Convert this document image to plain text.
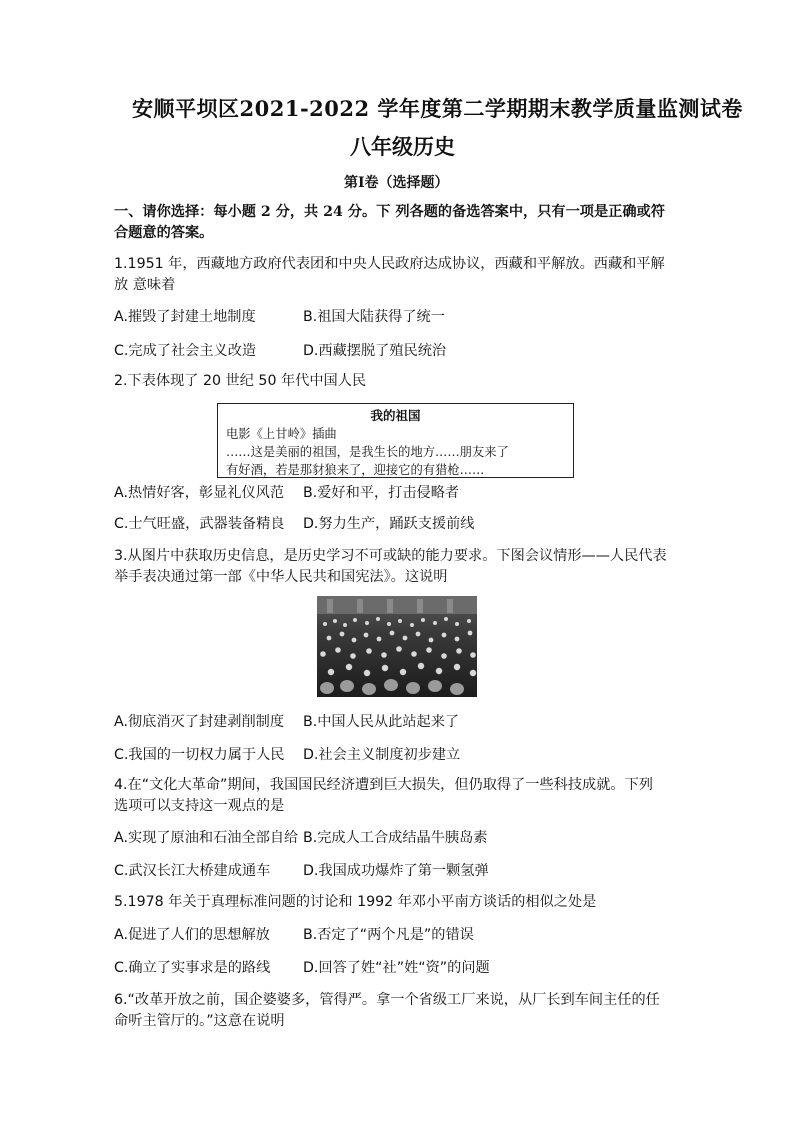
安顺平坝区2021-2022 学年度第二学期期末教学质量监测试卷
八年级历史
第Ⅰ卷（选择题）
一、请你选择：每小题 2 分，共 24 分。下 列各题的备选答案中，只有一项是正确或符
合题意的答案。
1.1951 年，西藏地方政府代表团和中央人民政府达成协议，西藏和平解放。西藏和平解
放 意味着
A.摧毁了封建土地制度	B.祖国大陆获得了统一
C.完成了社会主义改造	D.西藏摆脱了殖民统治
2.下表体现了 20 世纪 50 年代中国人民
我的祖国
电影《上甘岭》插曲
……这是美丽的祖国，是我生长的地方……朋友来了
有好酒，若是那豺狼来了，迎接它的有猎枪……
A.热情好客，彰显礼仪风范 B.爱好和平，打击侵略者
C.士气旺盛，武器装备精良 D.努力生产，踊跃支援前线
3.从图片中获取历史信息，是历史学习不可或缺的能力要求。下图会议情形——人民代表
举手表决通过第一部《中华人民共和国宪法》。这说明
A.彻底消灭了封建剥削制度 B.中国人民从此站起来了
C.我国的一切权力属于人民 D.社会主义制度初步建立
4.在“文化大革命”期间，我国国民经济遭到巨大损失，但仍取得了一些科技成就。下列
选项可以支持这一观点的是
A.实现了原油和石油全部自给 B.完成人工合成结晶牛胰岛素
C.武汉长江大桥建成通车 D.我国成功爆炸了第一颗氢弹
5.1978 年关于真理标准问题的讨论和 1992 年邓小平南方谈话的相似之处是
A.促进了人们的思想解放 B.否定了“两个凡是”的错误
C.确立了实事求是的路线 D.回答了姓“社”姓“资”的问题
6.“改革开放之前，国企婆婆多，管得严。拿一个省级工厂来说，从厂长到车间主任的任
命听主管厅的。”这意在说明
